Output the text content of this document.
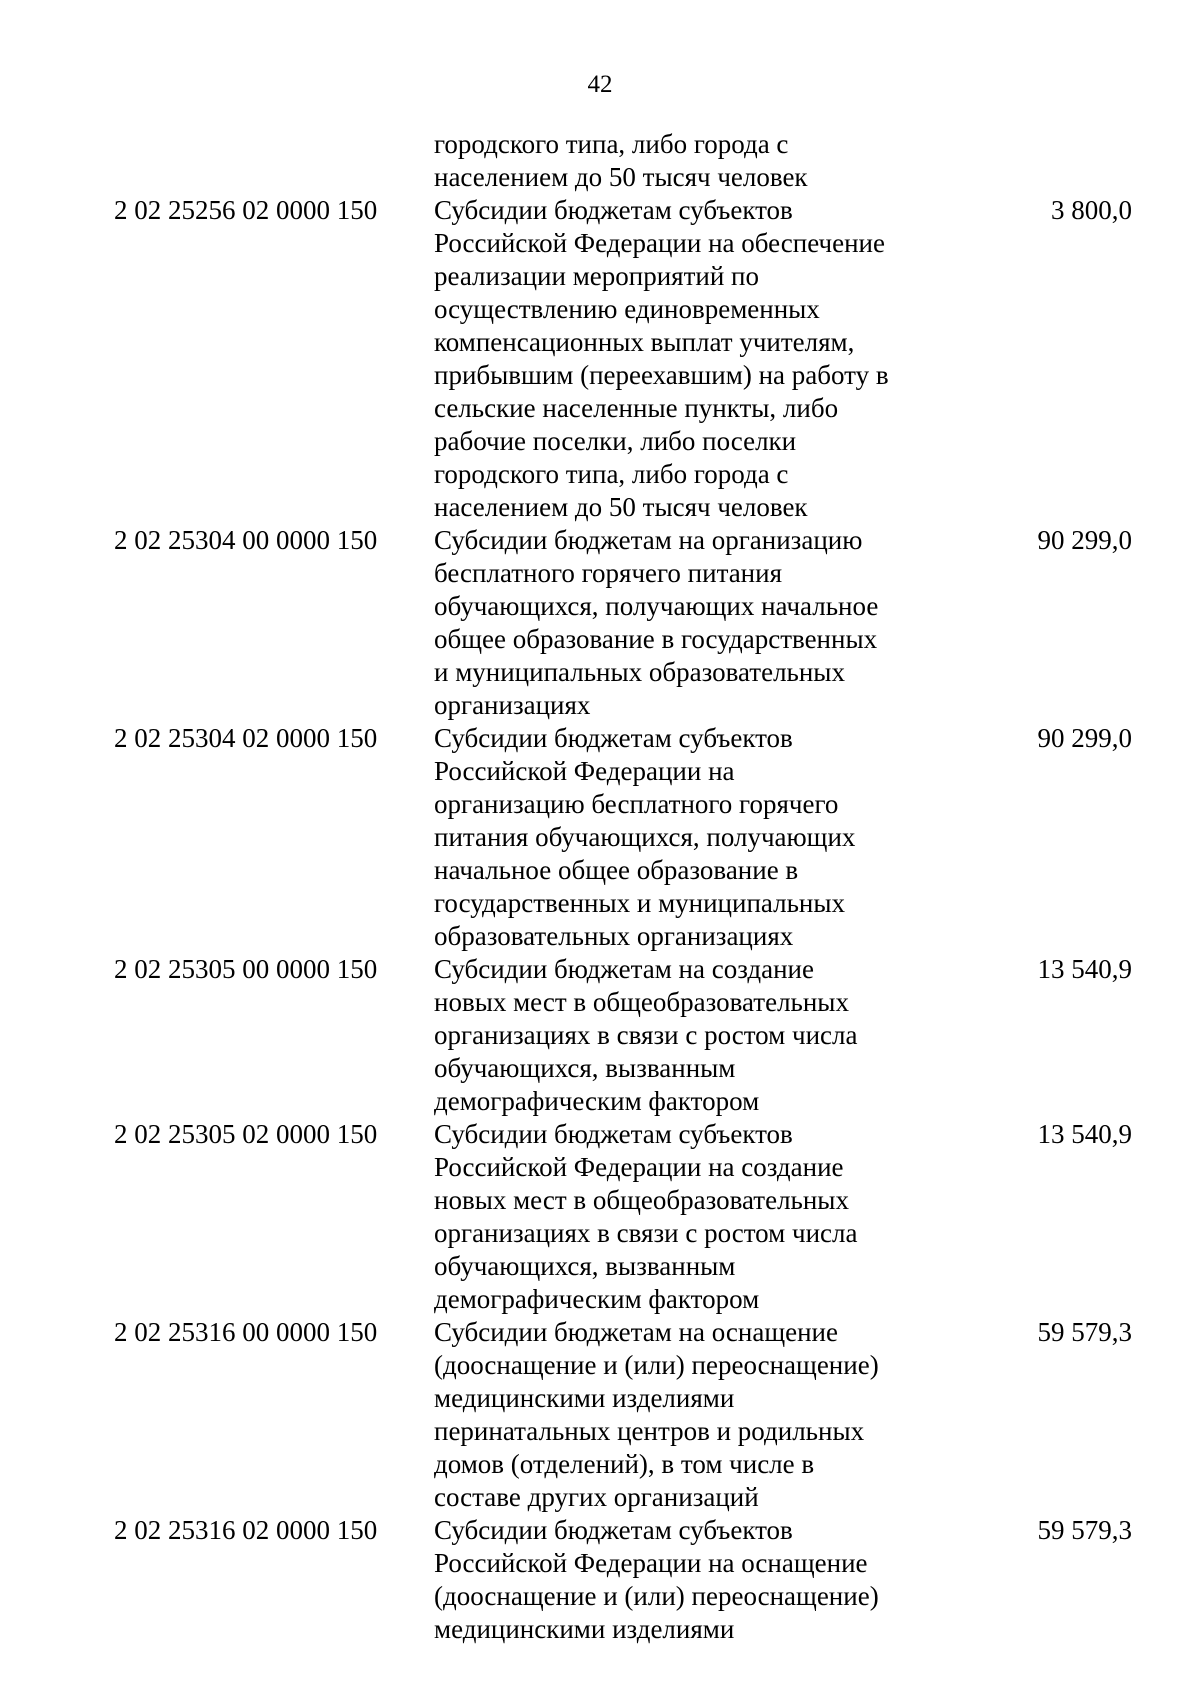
42
городского типа, либо города с
населением до 50 тысяч человек
2 02 25256 02 0000 150 Субсидии бюджетам субъектов
Российской Федерации на обеспечение
реализации мероприятий по
осуществлению единовременных
компенсационных выплат учителям,
прибывшим (переехавшим) на работу в
сельские населенные пункты, либо
рабочие поселки, либо поселки
городского типа, либо города с
населением до 50 тысяч человек
3 800,0
2 02 25304 00 0000 150 Субсидии бюджетам на организацию
бесплатного горячего питания
обучающихся, получающих начальное
общее образование в государственных
и муниципальных образовательных
организациях
90 299,0
2 02 25304 02 0000 150 Субсидии бюджетам субъектов
Российской Федерации на
организацию бесплатного горячего
питания обучающихся, получающих
начальное общее образование в
государственных и муниципальных
образовательных организациях
90 299,0
2 02 25305 00 0000 150 Субсидии бюджетам на создание
новых мест в общеобразовательных
организациях в связи с ростом числа
обучающихся, вызванным
демографическим фактором
13 540,9
2 02 25305 02 0000 150 Субсидии бюджетам субъектов
Российской Федерации на создание
новых мест в общеобразовательных
организациях в связи с ростом числа
обучающихся, вызванным
демографическим фактором
13 540,9
2 02 25316 00 0000 150 Субсидии бюджетам на оснащение
(дооснащение и (или) переоснащение)
медицинскими изделиями
перинатальных центров и родильных
домов (отделений), в том числе в
составе других организаций
59 579,3
2 02 25316 02 0000 150 Субсидии бюджетам субъектов
Российской Федерации на оснащение
(дооснащение и (или) переоснащение)
медицинскими изделиями
59 579,3
